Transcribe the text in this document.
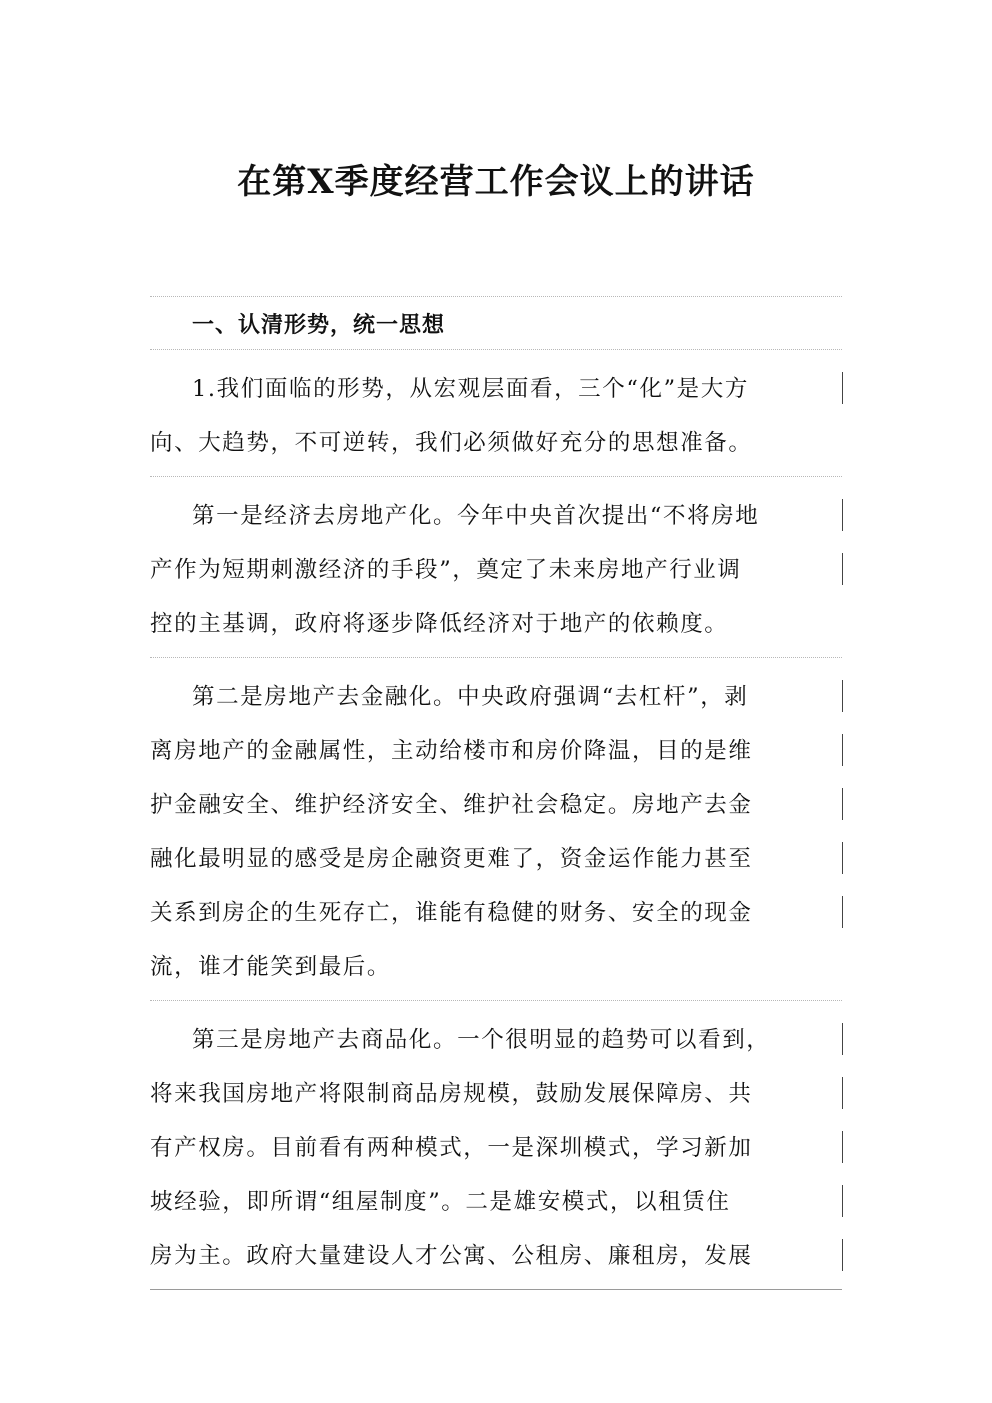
在第X季度经营工作会议上的讲话
一、认清形势，统一思想
1.我们面临的形势，从宏观层面看，三个“化”是大方
向、大趋势，不可逆转，我们必须做好充分的思想准备。
第一是经济去房地产化。今年中央首次提出“不将房地
产作为短期刺激经济的手段”，奠定了未来房地产行业调
控的主基调，政府将逐步降低经济对于地产的依赖度。
第二是房地产去金融化。中央政府强调“去杠杆”，剥
离房地产的金融属性，主动给楼市和房价降温，目的是维
护金融安全、维护经济安全、维护社会稳定。房地产去金
融化最明显的感受是房企融资更难了，资金运作能力甚至
关系到房企的生死存亡，谁能有稳健的财务、安全的现金
流，谁才能笑到最后。
第三是房地产去商品化。一个很明显的趋势可以看到，
将来我国房地产将限制商品房规模，鼓励发展保障房、共
有产权房。目前看有两种模式，一是深圳模式，学习新加
坡经验，即所谓“组屋制度”。二是雄安模式，以租赁住
房为主。政府大量建设人才公寓、公租房、廉租房，发展
